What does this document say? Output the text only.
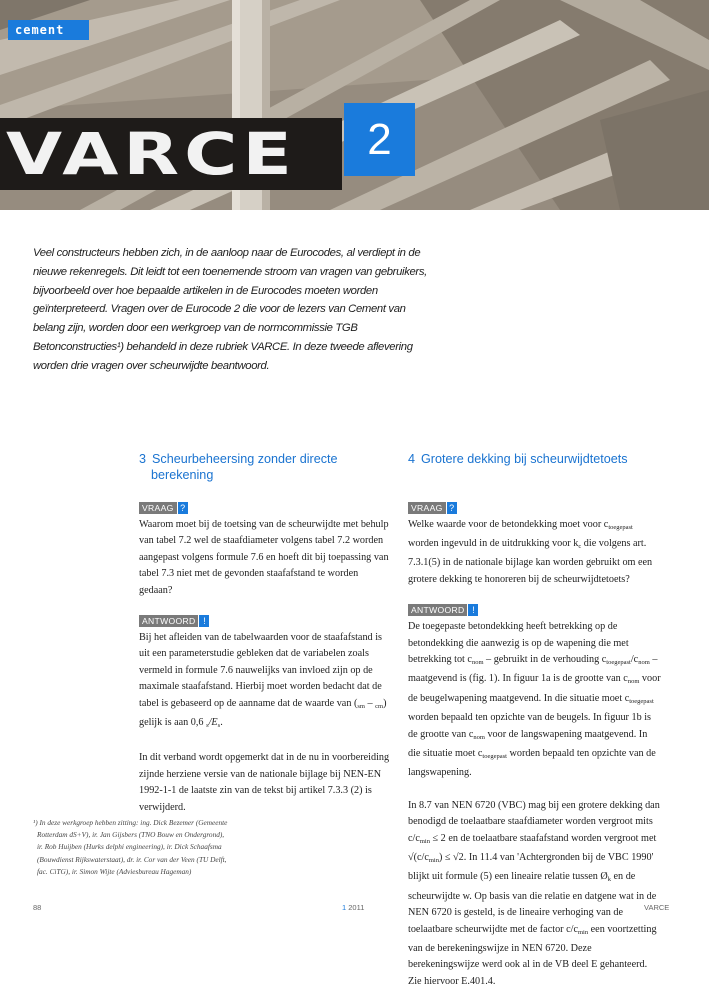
cement
VARCE	2
Veel constructeurs hebben zich, in de aanloop naar de Eurocodes, al verdiept in de nieuwe rekenregels. Dit leidt tot een toenemende stroom van vragen van gebruikers, bijvoorbeeld over hoe bepaalde artikelen in de Eurocodes moeten worden geïnterpreteerd. Vragen over de Eurocode 2 die voor de lezers van Cement van belang zijn, worden door een werkgroep van de normcommissie TGB Betonconstructies¹) behandeld in deze rubriek VARCE. In deze tweede aflevering worden drie vragen over scheurwijdte beantwoord.
3 Scheurbeheersing zonder directe
berekening
VRAAG ?
Waarom moet bij de toetsing van de scheurwijdte met behulp van tabel 7.2 wel de staafdiameter volgens tabel 7.2 worden aangepast volgens formule 7.6 en hoeft dit bij toepassing van tabel 7.3 niet met de gevonden staafafstand te worden gedaan?
ANTWOORD !
Bij het afleiden van de tabelwaarden voor de staafafstand is uit een parameterstudie gebleken dat de variabelen zoals vermeld in formule 7.6 nauwelijks van invloed zijn op de maximale staafafstand. Hierbij moet worden bedacht dat de tabel is gebaseerd op de aanname dat de waarde van $(_{sm} - _{cm})$ gelijk is aan 0,6 $_s/E_s$.
In dit verband wordt opgemerkt dat in de nu in voorbereiding zijnde herziene versie van de nationale bijlage bij NEN-EN 1992-1-1 de laatste zin van de tekst bij artikel 7.3.3 (2) is verwijderd.
4 Grotere dekking bij scheurwijdtetoets
VRAAG ?
Welke waarde voor de betondekking moet voor $c_{toegepast}$ worden ingevuld in de uitdrukking voor $k_c$ die volgens art. 7.3.1(5) in de nationale bijlage kan worden gebruikt om een grotere dekking te honoreren bij de scheurwijdtetoets?
ANTWOORD !
De toegepaste betondekking heeft betrekking op de betondekking die aanwezig is op de wapening die met betrekking tot $c_{nom}$ – gebruikt in de verhouding $c_{toegepast}/c_{nom}$ – maatgevend is (fig. 1). In figuur 1a is de grootte van $c_{nom}$ voor de beugelwapening maatgevend. In die situatie moet $c_{toegepast}$ worden bepaald ten opzichte van de beugels. In figuur 1b is de grootte van $c_{nom}$ voor de langswapening maatgevend. In die situatie moet $c_{toegepast}$ worden bepaald ten opzichte van de langswapening.
In 8.7 van NEN 6720 (VBC) mag bij een grotere dekking dan benodigd de toelaatbare staafdiameter worden vergroot mits $c/c_{min} \le 2$ en de toelaatbare staafafstand worden vergroot met $√(c/c_{min}) \le √2$. In 11.4 van 'Achtergronden bij de VBC 1990' blijkt uit formule (5) een lineaire relatie tussen $Ø_k$ en de scheurwijdte w. Op basis van die relatie en datgene wat in de NEN 6720 is gesteld, is de lineaire verhoging van de toelaatbare scheurwijdte met de factor $c/c_{min}$ een voortzetting van de berekeningswijze in NEN 6720. Deze berekeningswijze werd ook al in de VB deel E gehanteerd. Zie hiervoor E.401.4.
¹) In deze werkgroep hebben zitting: ing. Dick Bezemer (Gemeente
Rotterdam dS+V), ir. Jan Gijsbers (TNO Bouw en Ondergrond),
ir. Rob Huijben (Hurks delphi engineering), ir. Dick Schaafsma
(Bouwdienst Rijkswaterstaat), dr. ir. Cor van der Veen (TU Delft,
fac. CiTG), ir. Simon Wijte (Adviesbureau Hageman)
88	1 2011	VARCE
